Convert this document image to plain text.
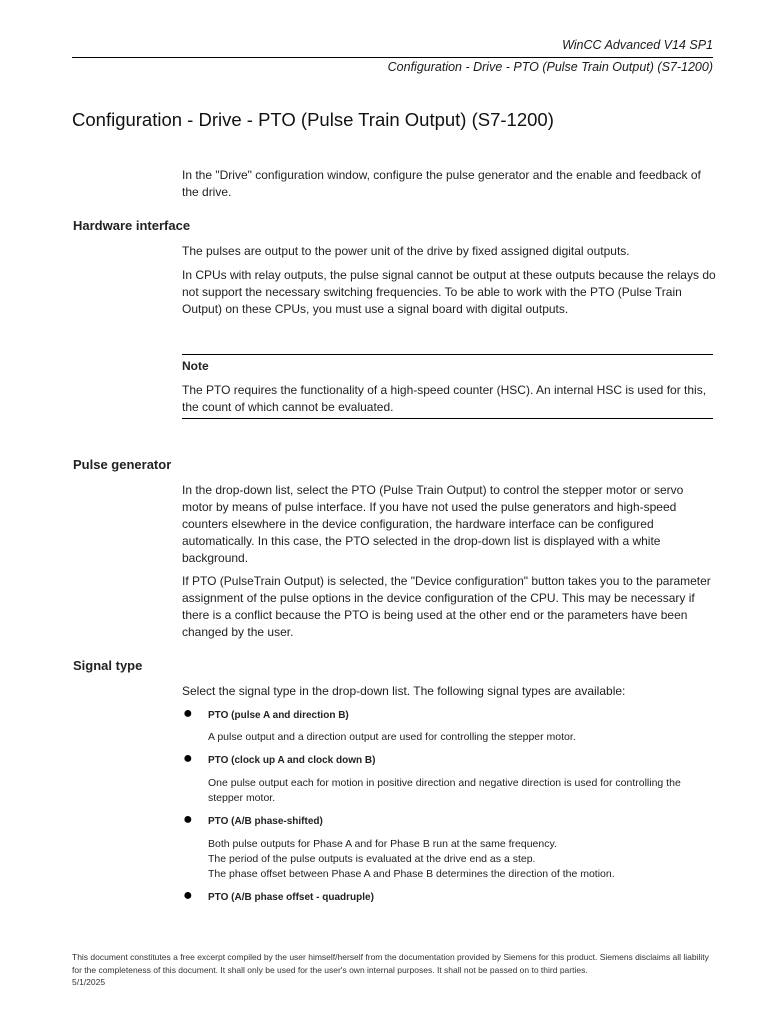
WinCC Advanced V14 SP1
Configuration - Drive - PTO (Pulse Train Output) (S7-1200)
Configuration - Drive - PTO (Pulse Train Output) (S7-1200)

In the "Drive" configuration window, configure the pulse generator and the enable and feedback of the drive.

Hardware interface

The pulses are output to the power unit of the drive by fixed assigned digital outputs.

In CPUs with relay outputs, the pulse signal cannot be output at these outputs because the relays do not support the necessary switching frequencies. To be able to work with the PTO (Pulse Train Output) on these CPUs, you must use a signal board with digital outputs.

Note

The PTO requires the functionality of a high-speed counter (HSC). An internal HSC is used for this, the count of which cannot be evaluated.

Pulse generator

In the drop-down list, select the PTO (Pulse Train Output) to control the stepper motor or servo motor by means of pulse interface. If you have not used the pulse generators and high-speed counters elsewhere in the device configuration, the hardware interface can be configured automatically. In this case, the PTO selected in the drop-down list is displayed with a white background.

If PTO (PulseTrain Output) is selected, the "Device configuration" button takes you to the parameter assignment of the pulse options in the device configuration of the CPU. This may be necessary if there is a conflict because the PTO is being used at the other end or the parameters have been changed by the user.

Signal type

Select the signal type in the drop-down list. The following signal types are available:

● PTO (pulse A and direction B)

A pulse output and a direction output are used for controlling the stepper motor.

● PTO (clock up A and clock down B)

One pulse output each for motion in positive direction and negative direction is used for controlling the stepper motor.

● PTO (A/B phase-shifted)

Both pulse outputs for Phase A and for Phase B run at the same frequency.

The period of the pulse outputs is evaluated at the drive end as a step.

The phase offset between Phase A and Phase B determines the direction of the motion.

● PTO (A/B phase offset - quadruple)
This document constitutes a free excerpt compiled by the user himself/herself from the documentation provided by Siemens for this product. Siemens disclaims all liability for the completeness of this document. It shall only be used for the user's own internal purposes. It shall not be passed on to third parties.
5/1/2025
